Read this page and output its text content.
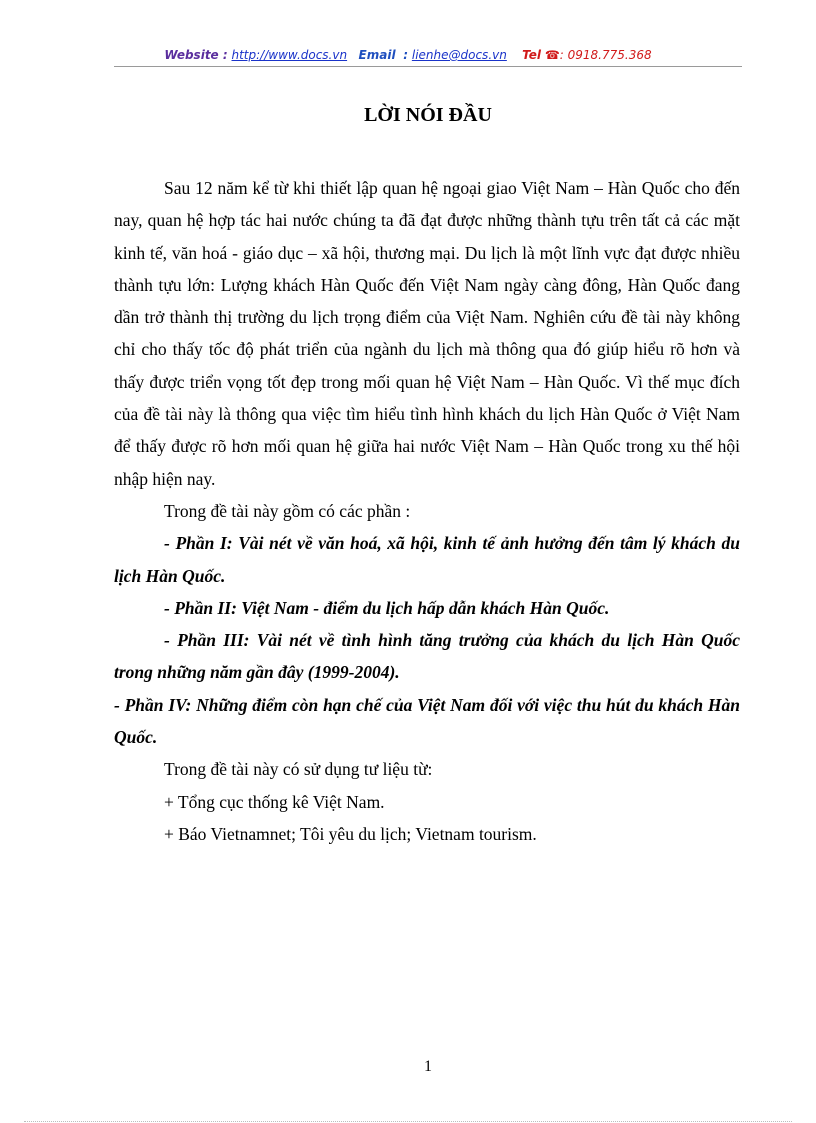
Website : http://www.docs.vn Email : lienhe@docs.vn Tel ☎: 0918.775.368
LỜI NÓI ĐẦU

Sau 12 năm kể từ khi thiết lập quan hệ ngoại giao Việt Nam – Hàn Quốc cho đến nay, quan hệ hợp tác hai nước chúng ta đã đạt được những thành tựu trên tất cả các mặt kinh tế, văn hoá - giáo dục – xã hội, thương mại. Du lịch là một lĩnh vực đạt được nhiều thành tựu lớn: Lượng khách Hàn Quốc đến Việt Nam ngày càng đông, Hàn Quốc đang dần trở thành thị trường du lịch trọng điểm của Việt Nam. Nghiên cứu đề tài này không chỉ cho thấy tốc độ phát triển của ngành du lịch mà thông qua đó giúp hiểu rõ hơn và thấy được triển vọng tốt đẹp trong mối quan hệ Việt Nam – Hàn Quốc. Vì thế mục đích của đề tài này là thông qua việc tìm hiểu tình hình khách du lịch Hàn Quốc ở Việt Nam để thấy được rõ hơn mối quan hệ giữa hai nước Việt Nam – Hàn Quốc trong xu thế hội nhập hiện nay.

Trong đề tài này gồm có các phần :

- Phần I: Vài nét về văn hoá, xã hội, kinh tế ảnh hưởng đến tâm lý khách du lịch Hàn Quốc.

- Phần II: Việt Nam - điểm du lịch hấp dẫn khách Hàn Quốc.

- Phần III: Vài nét về tình hình tăng trưởng của khách du lịch Hàn Quốc trong những năm gần đây (1999-2004).

- Phần IV: Những điểm còn hạn chế của Việt Nam đối với việc thu hút du khách Hàn Quốc.

Trong đề tài này có sử dụng tư liệu từ:

+ Tổng cục thống kê Việt Nam.

+ Báo Vietnamnet; Tôi yêu du lịch; Vietnam tourism.

1
